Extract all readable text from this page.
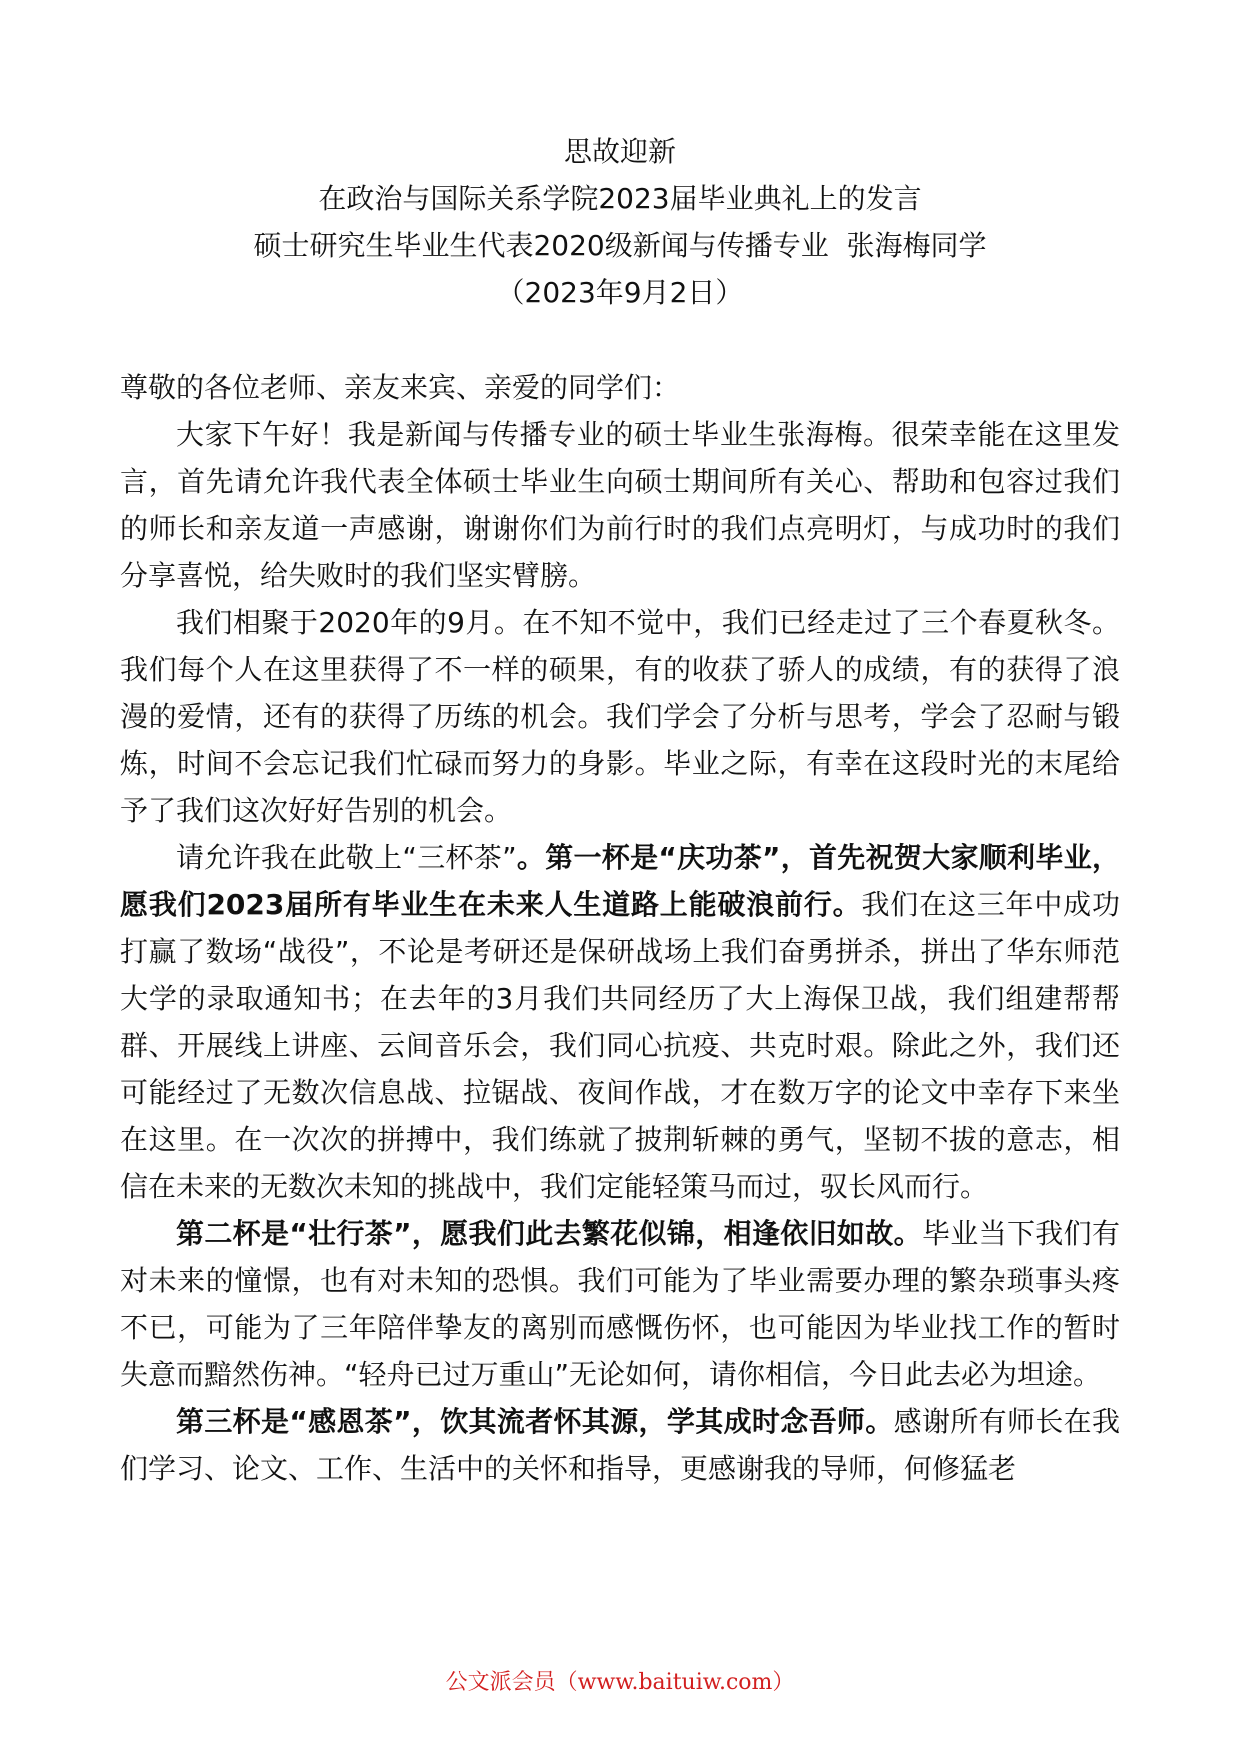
思故迎新
在政治与国际关系学院2023届毕业典礼上的发言
硕士研究生毕业生代表2020级新闻与传播专业  张海梅同学
（2023年9月2日）

尊敬的各位老师、亲友来宾、亲爱的同学们：

大家下午好！我是新闻与传播专业的硕士毕业生张海梅。很荣幸能在这里发言，首先请允许我代表全体硕士毕业生向硕士期间所有关心、帮助和包容过我们的师长和亲友道一声感谢，谢谢你们为前行时的我们点亮明灯，与成功时的我们分享喜悦，给失败时的我们坚实臂膀。

我们相聚于2020年的9月。在不知不觉中，我们已经走过了三个春夏秋冬。我们每个人在这里获得了不一样的硕果，有的收获了骄人的成绩，有的获得了浪漫的爱情，还有的获得了历练的机会。我们学会了分析与思考，学会了忍耐与锻炼，时间不会忘记我们忙碌而努力的身影。毕业之际，有幸在这段时光的末尾给予了我们这次好好告别的机会。

请允许我在此敬上“三杯茶”。第一杯是“庆功茶”，首先祝贺大家顺利毕业，愿我们2023届所有毕业生在未来人生道路上能破浪前行。我们在这三年中成功打赢了数场“战役”，不论是考研还是保研战场上我们奋勇拼杀，拼出了华东师范大学的录取通知书；在去年的3月我们共同经历了大上海保卫战，我们组建帮帮群、开展线上讲座、云间音乐会，我们同心抗疫、共克时艰。除此之外，我们还可能经过了无数次信息战、拉锯战、夜间作战，才在数万字的论文中幸存下来坐在这里。在一次次的拼搏中，我们练就了披荆斩棘的勇气，坚韧不拔的意志，相信在未来的无数次未知的挑战中，我们定能轻策马而过，驭长风而行。

第二杯是“壮行茶”，愿我们此去繁花似锦，相逢依旧如故。毕业当下我们有对未来的憧憬，也有对未知的恐惧。我们可能为了毕业需要办理的繁杂琐事头疼不已，可能为了三年陪伴挚友的离别而感慨伤怀，也可能因为毕业找工作的暂时失意而黯然伤神。“轻舟已过万重山”无论如何，请你相信，今日此去必为坦途。

第三杯是“感恩茶”，饮其流者怀其源，学其成时念吾师。感谢所有师长在我们学习、论文、工作、生活中的关怀和指导，更感谢我的导师，何修猛老

公文派会员（www.baituiw.com）
